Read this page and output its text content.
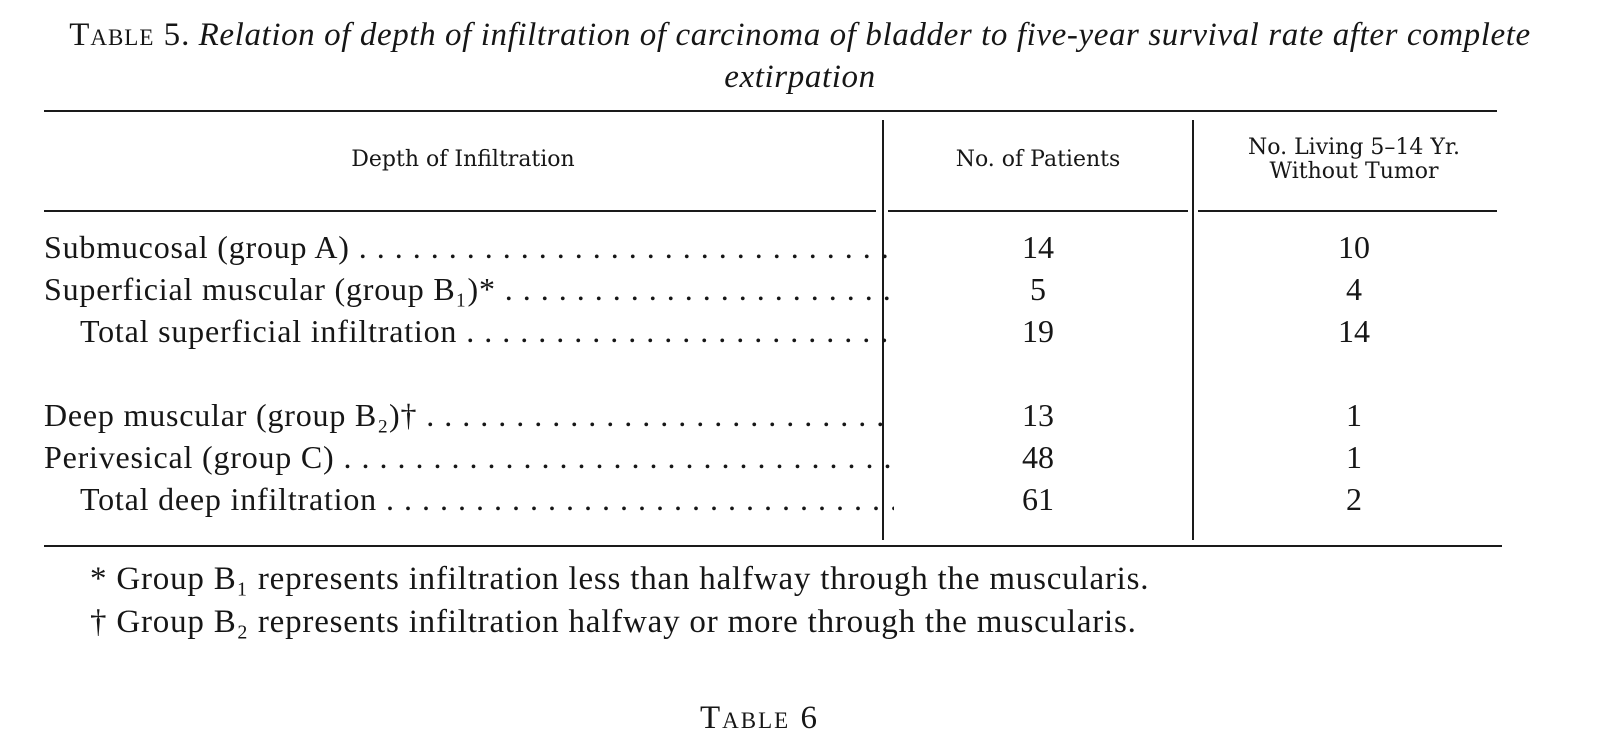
Table 5. Relation of depth of infiltration of carcinoma of bladder to five-year survival rate after complete extirpation
Depth of Infiltration	No. of Patients	No. Living 5–14 Yr.
Without Tumor
Submucosal (group A) . . .	14	10
Superficial muscular (group B₁)* . . .	5	4
Total superficial infiltration . . .	19	14
Deep muscular (group B₂)† . . .	13	1
Perivesical (group C) . . .	48	1
Total deep infiltration . . .	61	2
* Group B₁ represents infiltration less than halfway through the muscularis.
† Group B₂ represents infiltration halfway or more through the muscularis.
Table 6
